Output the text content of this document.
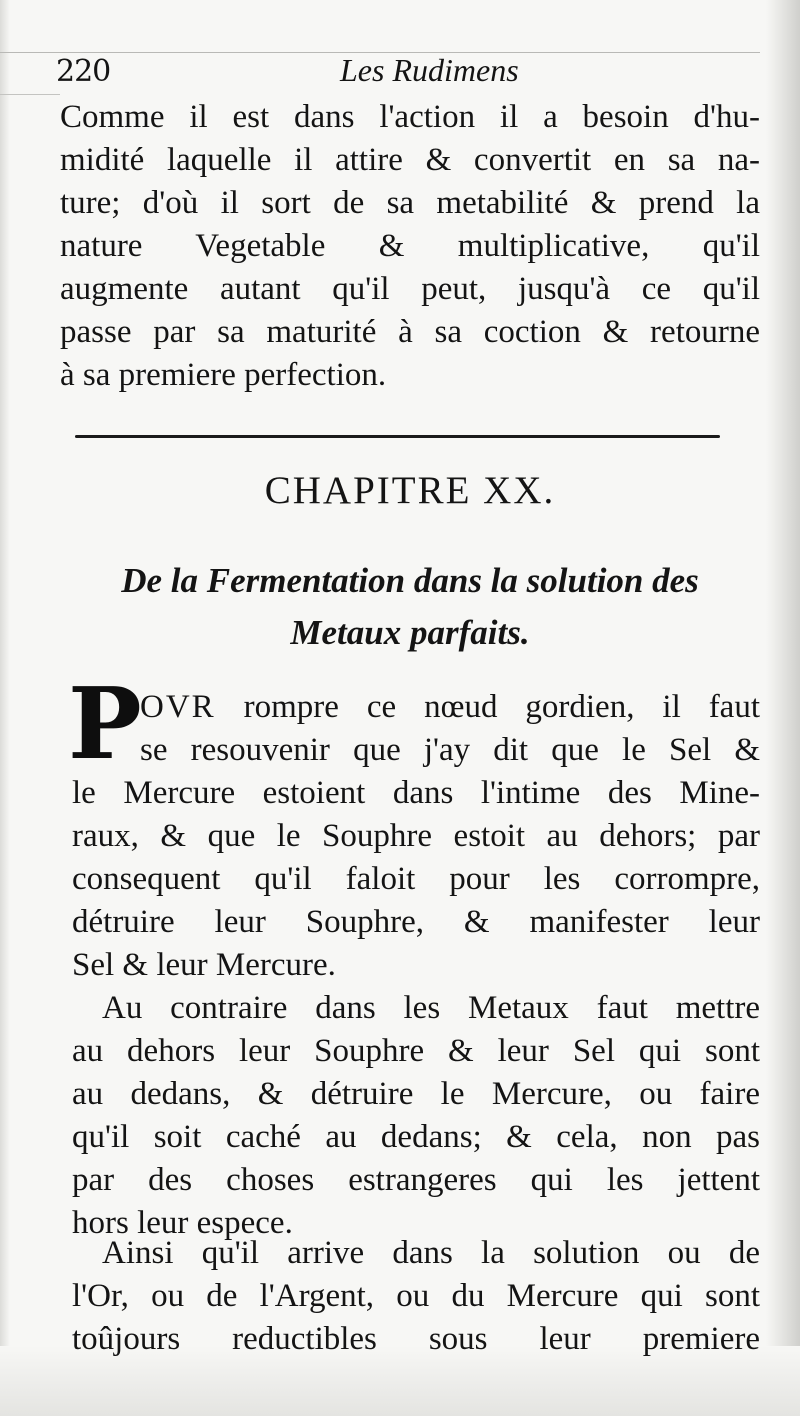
220	Les Rudimens
Comme il est dans l'action il a besoin d'hu-
midité laquelle il attire & convertit en sa na-
ture; d'où il sort de sa metabilité & prend la
nature Vegetable & multiplicative, qu'il
augmente autant qu'il peut, jusqu'à ce qu'il
passe par sa maturité à sa coction & retourne
à sa premiere perfection.
CHAPITRE XX.
De la Fermentation dans la solution des
Metaux parfaits.
P
OVR rompre ce nœud gordien, il faut
se resouvenir que j'ay dit que le Sel &
le Mercure estoient dans l'intime des Mine-
raux, & que le Souphre estoit au dehors; par
consequent qu'il faloit pour les corrompre,
détruire leur Souphre, & manifester leur
Sel & leur Mercure.
Au contraire dans les Metaux faut mettre
au dehors leur Souphre & leur Sel qui sont
au dedans, & détruire le Mercure, ou faire
qu'il soit caché au dedans; & cela, non pas
par des choses estrangeres qui les jettent
hors leur espece.
Ainsi qu'il arrive dans la solution ou de
l'Or, ou de l'Argent, ou du Mercure qui sont
toûjours reductibles sous leur premiere
